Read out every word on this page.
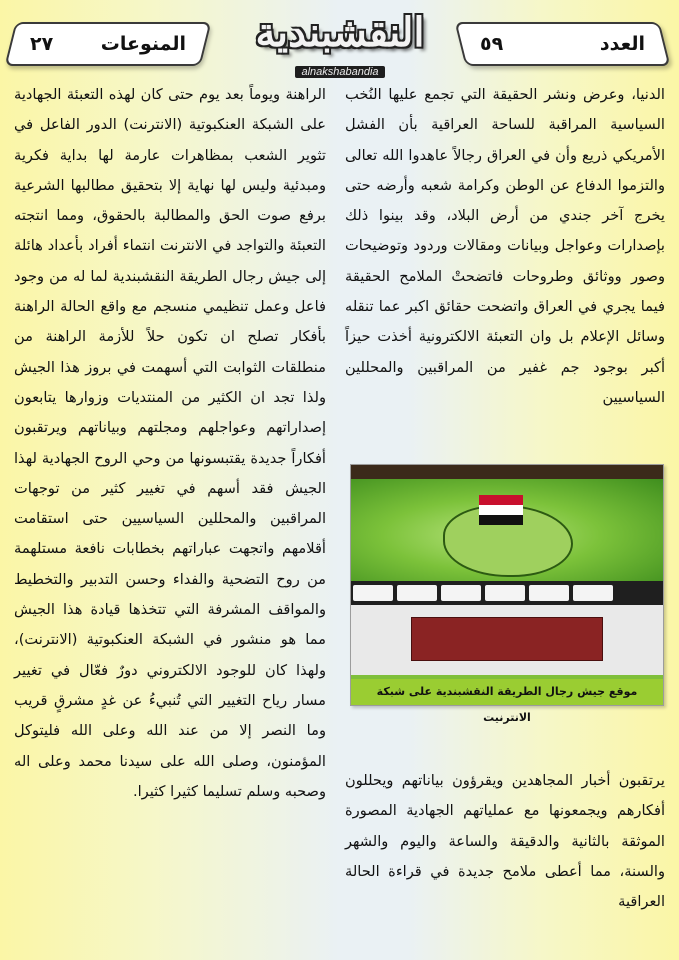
المنوعات
٢٧	النقشبندية
alnakshabandia
العدد
٥٩

الدنيا، وعرض ونشر الحقيقة التي تجمع عليها النُخب السياسية المراقبة للساحة العراقية بأن الفشل الأمريكي ذريع وأن في العراق رجالاً عاهدوا الله تعالى والتزموا الدفاع عن الوطن وكرامة شعبه وأرضه حتى يخرج آخر جندي من أرض البلاد، وقد بينوا ذلك بإصدارات وعواجل وبيانات ومقالات وردود وتوضيحات وصور ووثائق وطروحات فاتضحتْ الملامح الحقيقة فيما يجري في العراق واتضحت حقائق اكبر عما تنقله وسائل الإعلام بل وان التعبئة الالكترونية أخذت حيزاً أكبر بوجود جم غفير من المراقبين والمحللين السياسيين

موقع جيش رجال الطريقة النقشبندية على شبكة الانترنيت

يرتقبون أخبار المجاهدين ويقرؤون بياناتهم ويحللون أفكارهم ويجمعونها مع عملياتهم الجهادية المصورة الموثقة بالثانية والدقيقة والساعة واليوم والشهر والسنة، مما أعطى ملامح جديدة في قراءة الحالة العراقية

الراهنة ويوماً بعد يوم حتى كان لهذه التعبئة الجهادية على الشبكة العنكبوتية (الانترنت) الدور الفاعل في تثوير الشعب بمظاهرات عارمة لها بداية فكرية ومبدئية وليس لها نهاية إلا بتحقيق مطالبها الشرعية برفع صوت الحق والمطالبة بالحقوق، ومما انتجته التعبئة والتواجد في الانترنت انتماء أفراد بأعداد هائلة إلى جيش رجال الطريقة النقشبندية لما له من وجود فاعل وعمل تنظيمي منسجم مع واقع الحالة الراهنة بأفكار تصلح ان تكون حلاً للأزمة الراهنة من منطلقات الثوابت التي أسهمت في بروز هذا الجيش ولذا تجد ان الكثير من المنتديات وزوارها يتابعون إصداراتهم وعواجلهم ومجلتهم وبياناتهم ويرتقبون أفكاراً جديدة يقتبسونها من وحي الروح الجهادية لهذا الجيش فقد أسهم في تغيير كثير من توجهات المراقبين والمحللين السياسيين حتى استقامت أقلامهم واتجهت عباراتهم بخطابات نافعة مستلهمة من روح التضحية والفداء وحسن التدبير والتخطيط والمواقف المشرفة التي تتخذها قيادة هذا الجيش مما هو منشور في الشبكة العنكبوتية (الانترنت)، ولهذا كان للوجود الالكتروني دورٌ فعّال في تغيير مسار رياح التغيير التي تُنبيءُ عن غدٍ مشرقٍ قريب وما النصر إلا من عند الله وعلى الله فليتوكل المؤمنون، وصلى الله على سيدنا محمد وعلى اله وصحبه وسلم تسليما كثيرا كثيرا.
